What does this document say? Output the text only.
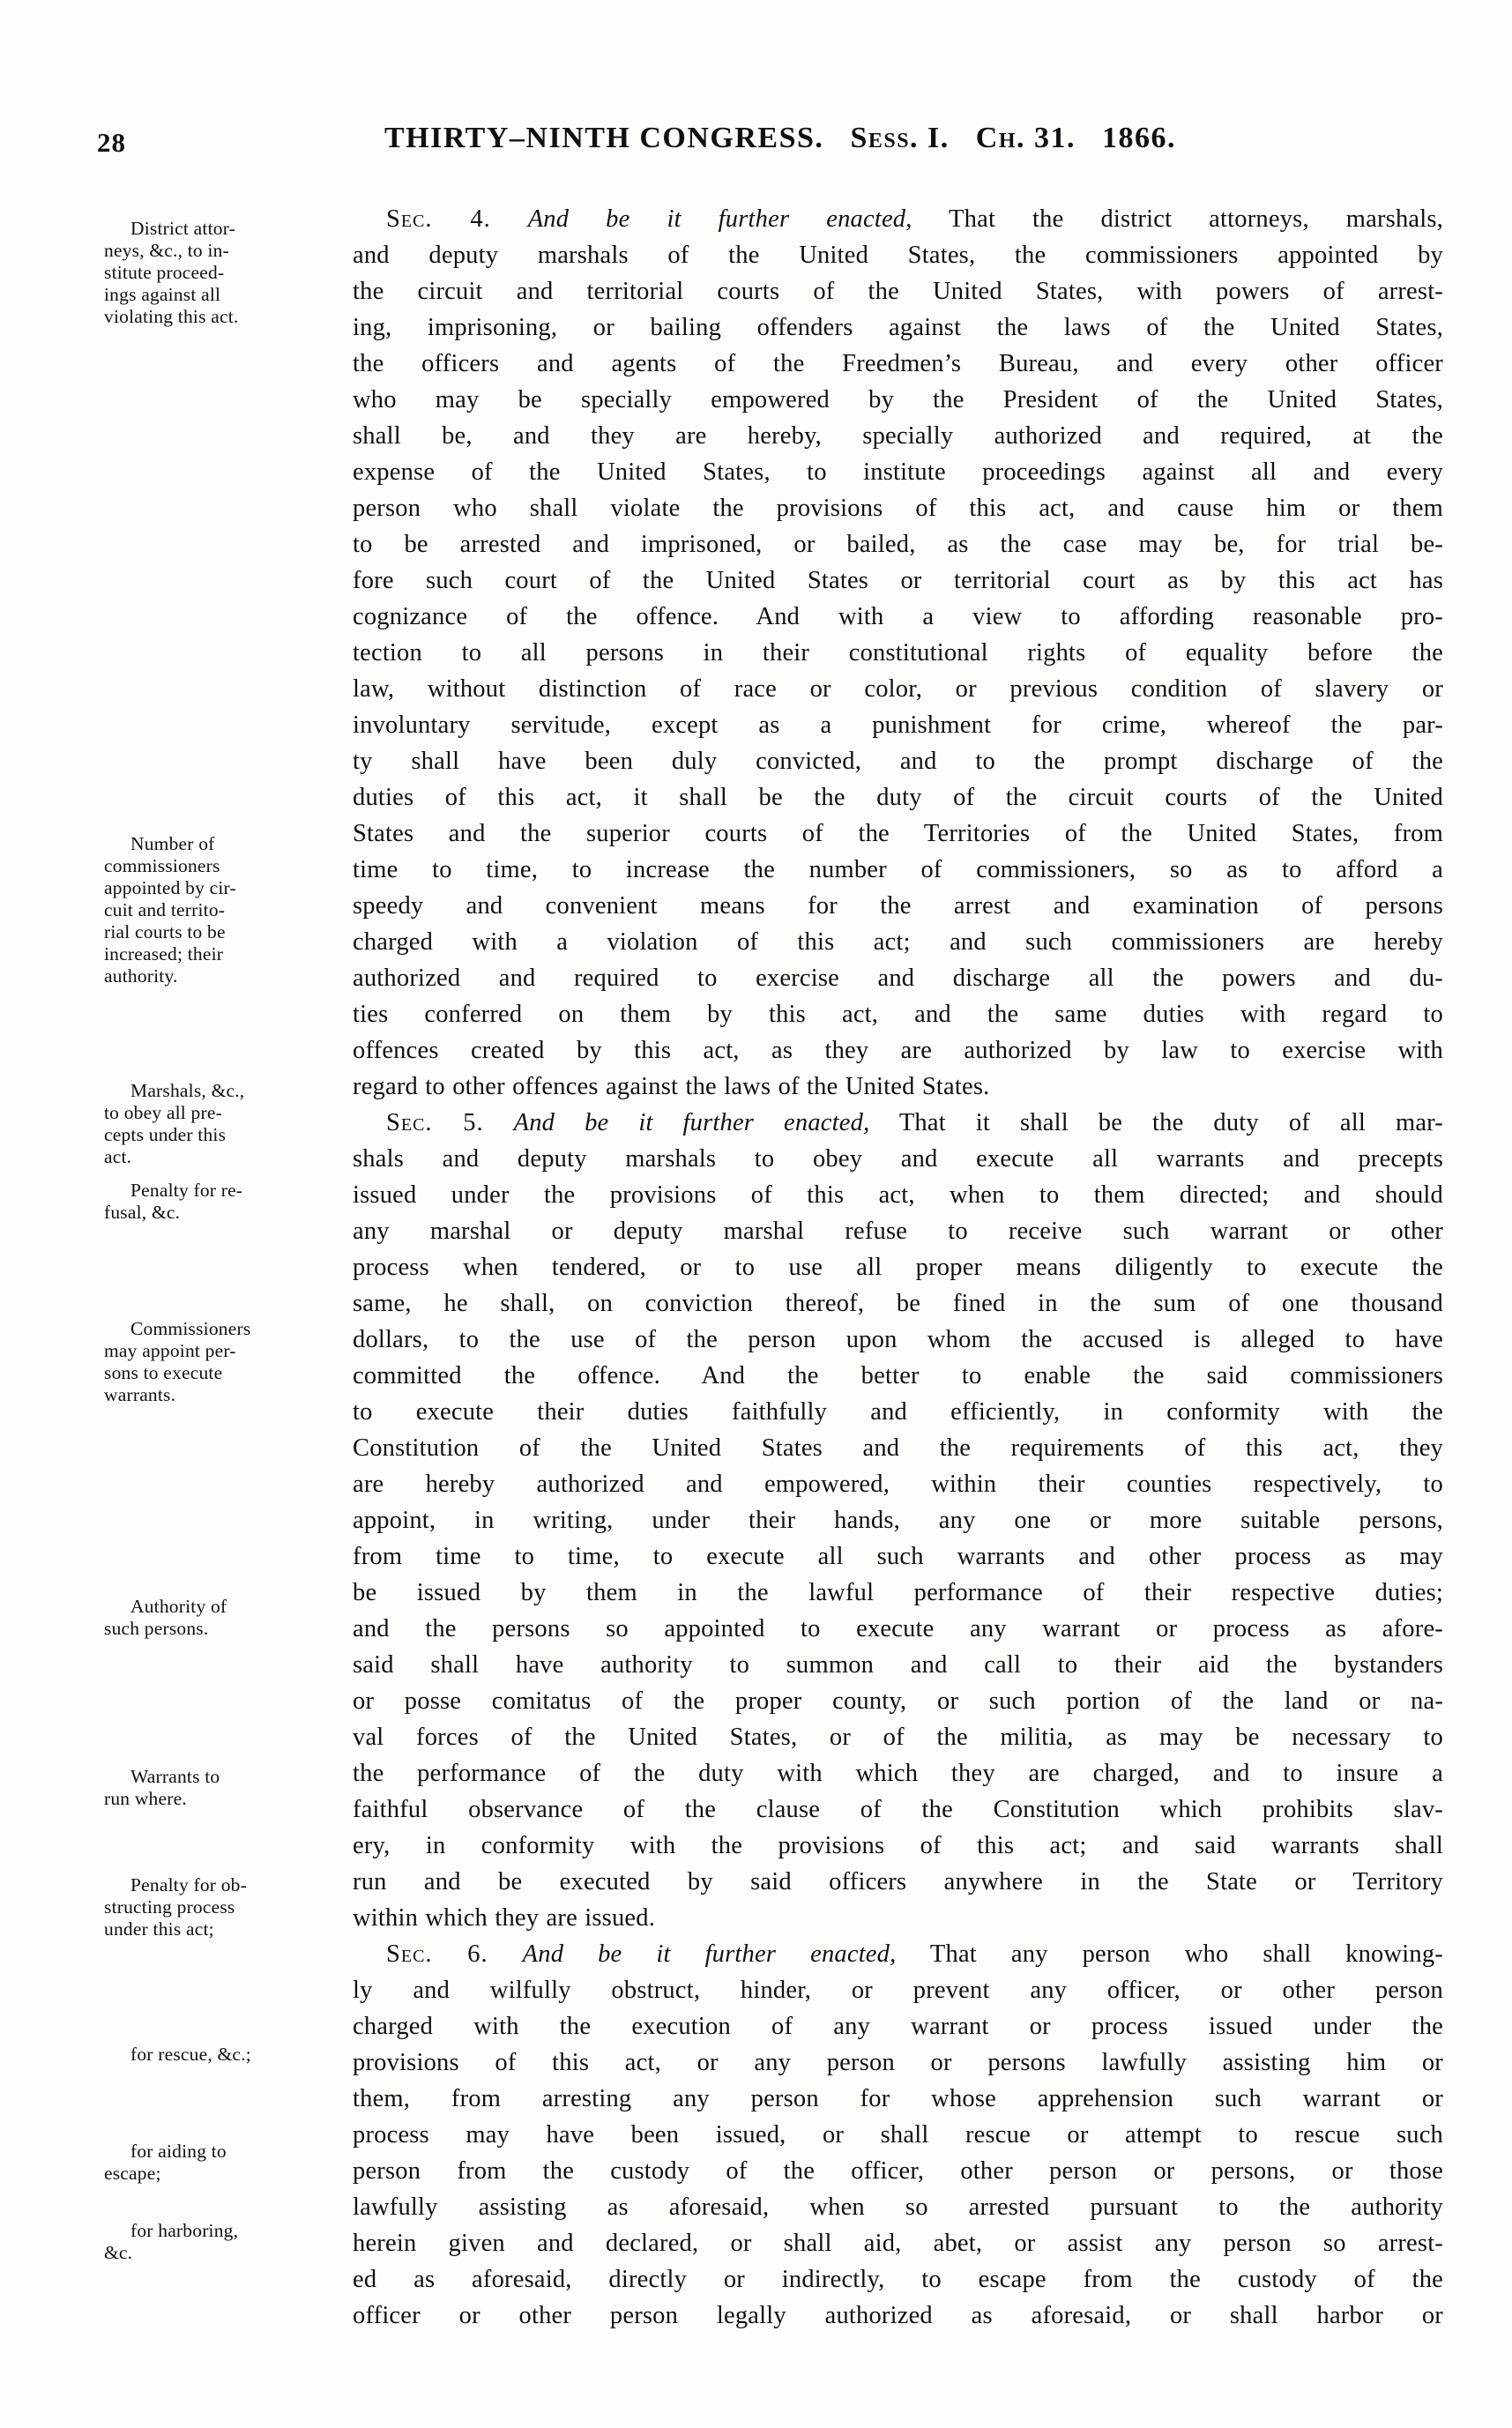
28	THIRTY–NINTH CONGRESS. Sess. I. Ch. 31. 1866.
District attor-
neys, &c., to in-
stitute proceed-
ings against all
violating this act.
Number of
commissioners
appointed by cir-
cuit and territo-
rial courts to be
increased; their
authority.
Marshals, &c.,
to obey all pre-
cepts under this
act.
Penalty for re-
fusal, &c.
Commissioners
may appoint per-
sons to execute
warrants.
Authority of
such persons.
Warrants to
run where.
Penalty for ob-
structing process
under this act;
for rescue, &c.;
for aiding to
escape;
for harboring,
&c.
Sec. 4. And be it further enacted, That the district attorneys, marshals,
and deputy marshals of the United States, the commissioners appointed by
the circuit and territorial courts of the United States, with powers of arrest-
ing, imprisoning, or bailing offenders against the laws of the United States,
the officers and agents of the Freedmen’s Bureau, and every other officer
who may be specially empowered by the President of the United States,
shall be, and they are hereby, specially authorized and required, at the
expense of the United States, to institute proceedings against all and every
person who shall violate the provisions of this act, and cause him or them
to be arrested and imprisoned, or bailed, as the case may be, for trial be-
fore such court of the United States or territorial court as by this act has
cognizance of the offence. And with a view to affording reasonable pro-
tection to all persons in their constitutional rights of equality before the
law, without distinction of race or color, or previous condition of slavery or
involuntary servitude, except as a punishment for crime, whereof the par-
ty shall have been duly convicted, and to the prompt discharge of the
duties of this act, it shall be the duty of the circuit courts of the United
States and the superior courts of the Territories of the United States, from
time to time, to increase the number of commissioners, so as to afford a
speedy and convenient means for the arrest and examination of persons
charged with a violation of this act; and such commissioners are hereby
authorized and required to exercise and discharge all the powers and du-
ties conferred on them by this act, and the same duties with regard to
offences created by this act, as they are authorized by law to exercise with
regard to other offences against the laws of the United States.
Sec. 5. And be it further enacted, That it shall be the duty of all mar-
shals and deputy marshals to obey and execute all warrants and precepts
issued under the provisions of this act, when to them directed; and should
any marshal or deputy marshal refuse to receive such warrant or other
process when tendered, or to use all proper means diligently to execute the
same, he shall, on conviction thereof, be fined in the sum of one thousand
dollars, to the use of the person upon whom the accused is alleged to have
committed the offence. And the better to enable the said commissioners
to execute their duties faithfully and efficiently, in conformity with the
Constitution of the United States and the requirements of this act, they
are hereby authorized and empowered, within their counties respectively, to
appoint, in writing, under their hands, any one or more suitable persons,
from time to time, to execute all such warrants and other process as may
be issued by them in the lawful performance of their respective duties;
and the persons so appointed to execute any warrant or process as afore-
said shall have authority to summon and call to their aid the bystanders
or posse comitatus of the proper county, or such portion of the land or na-
val forces of the United States, or of the militia, as may be necessary to
the performance of the duty with which they are charged, and to insure a
faithful observance of the clause of the Constitution which prohibits slav-
ery, in conformity with the provisions of this act; and said warrants shall
run and be executed by said officers anywhere in the State or Territory
within which they are issued.
Sec. 6. And be it further enacted, That any person who shall knowing-
ly and wilfully obstruct, hinder, or prevent any officer, or other person
charged with the execution of any warrant or process issued under the
provisions of this act, or any person or persons lawfully assisting him or
them, from arresting any person for whose apprehension such warrant or
process may have been issued, or shall rescue or attempt to rescue such
person from the custody of the officer, other person or persons, or those
lawfully assisting as aforesaid, when so arrested pursuant to the authority
herein given and declared, or shall aid, abet, or assist any person so arrest-
ed as aforesaid, directly or indirectly, to escape from the custody of the
officer or other person legally authorized as aforesaid, or shall harbor or
